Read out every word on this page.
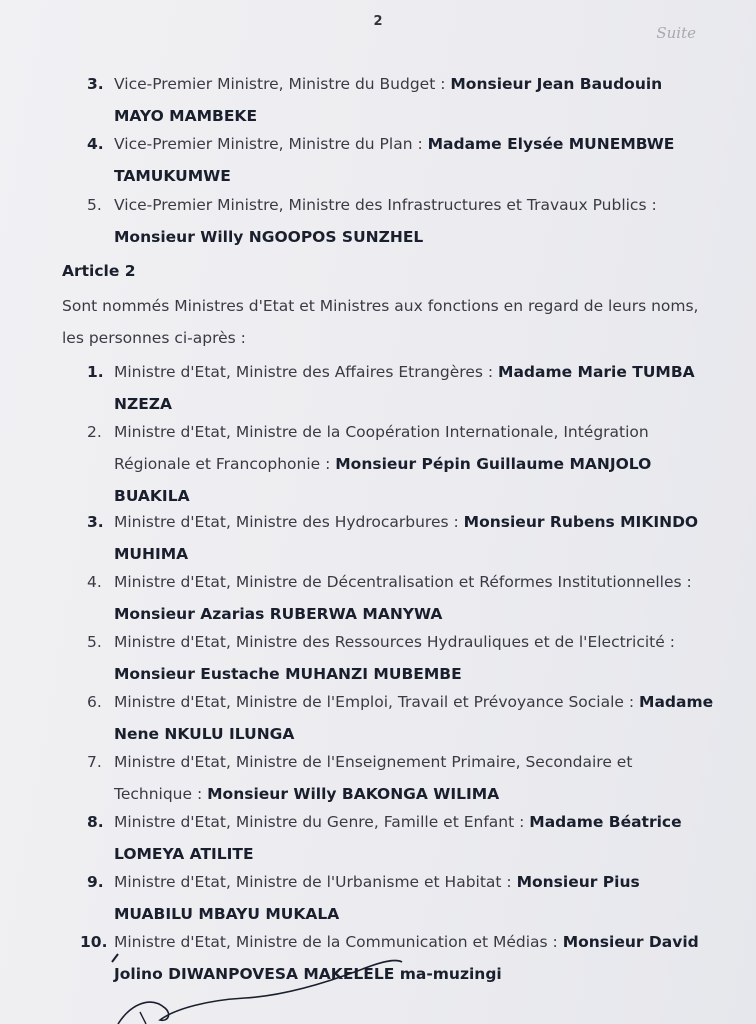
2
Suite
3. Vice-Premier Ministre, Ministre du Budget : Monsieur Jean Baudouin
MAYO MAMBEKE
4. Vice-Premier Ministre, Ministre du Plan : Madame Elysée MUNEMBWE
TAMUKUMWE
5. Vice-Premier Ministre, Ministre des Infrastructures et Travaux Publics :
Monsieur Willy NGOOPOS SUNZHEL
Article 2
Sont nommés Ministres d'Etat et Ministres aux fonctions en regard de leurs noms,
les personnes ci-après :
1. Ministre d'Etat, Ministre des Affaires Etrangères : Madame Marie TUMBA
NZEZA
2. Ministre d'Etat, Ministre de la Coopération Internationale, Intégration
Régionale et Francophonie : Monsieur Pépin Guillaume MANJOLO
BUAKILA
3. Ministre d'Etat, Ministre des Hydrocarbures : Monsieur Rubens MIKINDO
MUHIMA
4. Ministre d'Etat, Ministre de Décentralisation et Réformes Institutionnelles :
Monsieur Azarias RUBERWA MANYWA
5. Ministre d'Etat, Ministre des Ressources Hydrauliques et de l'Electricité :
Monsieur Eustache MUHANZI MUBEMBE
6. Ministre d'Etat, Ministre de l'Emploi, Travail et Prévoyance Sociale : Madame
Nene NKULU ILUNGA
7. Ministre d'Etat, Ministre de l'Enseignement Primaire, Secondaire et
Technique : Monsieur Willy BAKONGA WILIMA
8. Ministre d'Etat, Ministre du Genre, Famille et Enfant : Madame Béatrice
LOMEYA ATILITE
9. Ministre d'Etat, Ministre de l'Urbanisme et Habitat : Monsieur Pius
MUABILU MBAYU MUKALA
10. Ministre d'Etat, Ministre de la Communication et Médias : Monsieur David
Jolino DIWANPOVESA MAKELELE ma-muzingi
